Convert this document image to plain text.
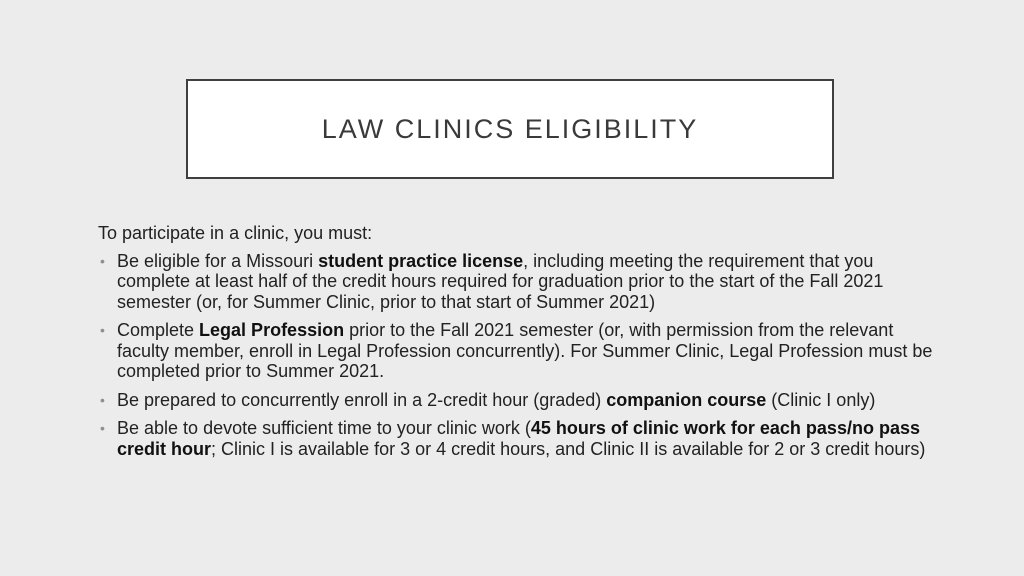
LAW CLINICS ELIGIBILITY

To participate in a clinic, you must:

• Be eligible for a Missouri student practice license, including meeting the requirement that you complete at least half of the credit hours required for graduation prior to the start of the Fall 2021 semester (or, for Summer Clinic, prior to that start of Summer 2021)
• Complete Legal Profession prior to the Fall 2021 semester (or, with permission from the relevant faculty member, enroll in Legal Profession concurrently). For Summer Clinic, Legal Profession must be completed prior to Summer 2021.
• Be prepared to concurrently enroll in a 2-credit hour (graded) companion course (Clinic I only)
• Be able to devote sufficient time to your clinic work (45 hours of clinic work for each pass/no pass credit hour; Clinic I is available for 3 or 4 credit hours, and Clinic II is available for 2 or 3 credit hours)
